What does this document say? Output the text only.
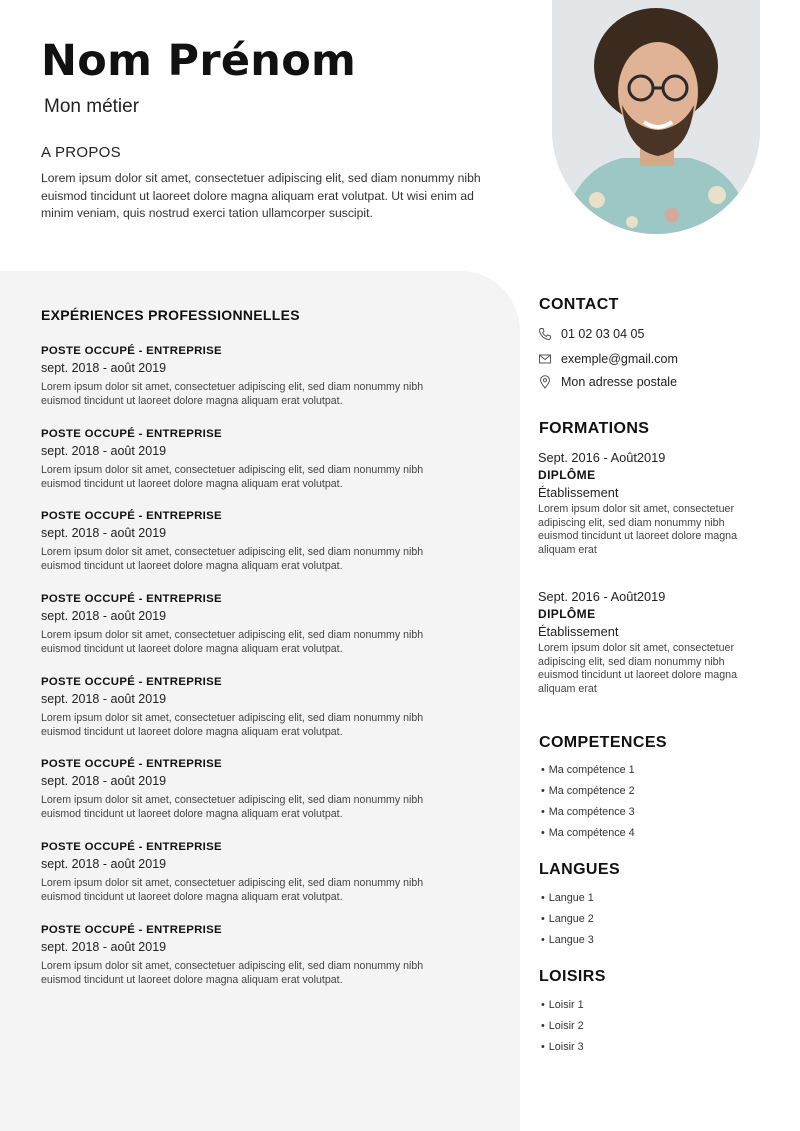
Nom Prénom
Mon métier
A PROPOS
Lorem ipsum dolor sit amet, consectetuer adipiscing elit, sed diam nonummy nibh euismod tincidunt ut laoreet dolore magna aliquam erat volutpat. Ut wisi enim ad minim veniam, quis nostrud exerci tation ullamcorper suscipit.
EXPÉRIENCES PROFESSIONNELLES
POSTE OCCUPÉ - ENTREPRISE
sept. 2018 - août 2019
Lorem ipsum dolor sit amet, consectetuer adipiscing elit, sed diam nonummy nibh euismod tincidunt ut laoreet dolore magna aliquam erat volutpat.
POSTE OCCUPÉ - ENTREPRISE
sept. 2018 - août 2019
Lorem ipsum dolor sit amet, consectetuer adipiscing elit, sed diam nonummy nibh euismod tincidunt ut laoreet dolore magna aliquam erat volutpat.
POSTE OCCUPÉ - ENTREPRISE
sept. 2018 - août 2019
Lorem ipsum dolor sit amet, consectetuer adipiscing elit, sed diam nonummy nibh euismod tincidunt ut laoreet dolore magna aliquam erat volutpat.
POSTE OCCUPÉ - ENTREPRISE
sept. 2018 - août 2019
Lorem ipsum dolor sit amet, consectetuer adipiscing elit, sed diam nonummy nibh euismod tincidunt ut laoreet dolore magna aliquam erat volutpat.
POSTE OCCUPÉ - ENTREPRISE
sept. 2018 - août 2019
Lorem ipsum dolor sit amet, consectetuer adipiscing elit, sed diam nonummy nibh euismod tincidunt ut laoreet dolore magna aliquam erat volutpat.
POSTE OCCUPÉ - ENTREPRISE
sept. 2018 - août 2019
Lorem ipsum dolor sit amet, consectetuer adipiscing elit, sed diam nonummy nibh euismod tincidunt ut laoreet dolore magna aliquam erat volutpat.
POSTE OCCUPÉ - ENTREPRISE
sept. 2018 - août 2019
Lorem ipsum dolor sit amet, consectetuer adipiscing elit, sed diam nonummy nibh euismod tincidunt ut laoreet dolore magna aliquam erat volutpat.
POSTE OCCUPÉ - ENTREPRISE
sept. 2018 - août 2019
Lorem ipsum dolor sit amet, consectetuer adipiscing elit, sed diam nonummy nibh euismod tincidunt ut laoreet dolore magna aliquam erat volutpat.
CONTACT
01 02 03 04 05
exemple@gmail.com
Mon adresse postale
FORMATIONS
Sept. 2016 - Août2019
DIPLÔME
Établissement
Lorem ipsum dolor sit amet, consectetuer adipiscing elit, sed diam nonummy nibh euismod tincidunt ut laoreet dolore magna aliquam erat
Sept. 2016 - Août2019
DIPLÔME
Établissement
Lorem ipsum dolor sit amet, consectetuer adipiscing elit, sed diam nonummy nibh euismod tincidunt ut laoreet dolore magna aliquam erat
COMPETENCES
• Ma compétence 1
• Ma compétence 2
• Ma compétence 3
• Ma compétence 4
LANGUES
• Langue 1
• Langue 2
• Langue 3
LOISIRS
• Loisir 1
• Loisir 2
• Loisir 3
